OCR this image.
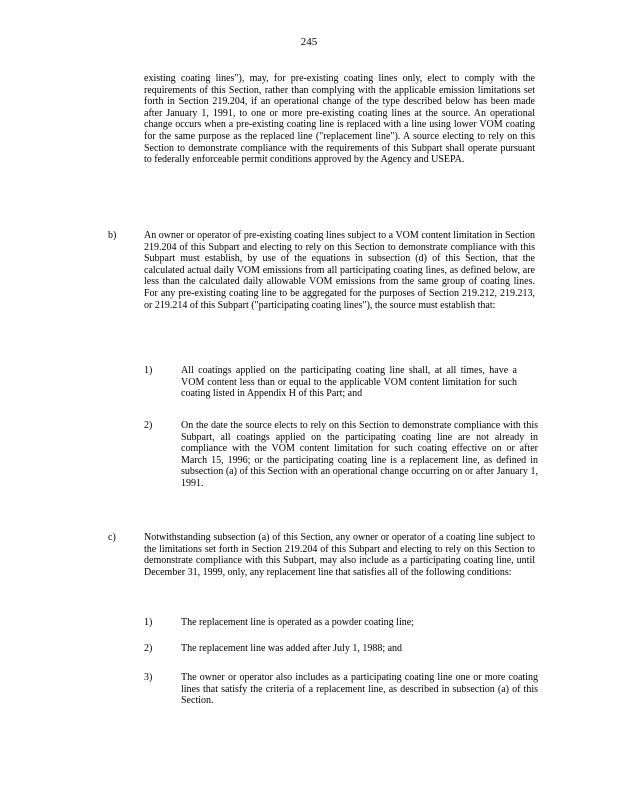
245

existing coating lines"), may, for pre-existing coating lines only, elect to comply with the requirements of this Section, rather than complying with the applicable emission limitations set forth in Section 219.204, if an operational change of the type described below has been made after January 1, 1991, to one or more pre-existing coating lines at the source. An operational change occurs when a pre-existing coating line is replaced with a line using lower VOM coating for the same purpose as the replaced line ("replacement line"). A source electing to rely on this Section to demonstrate compliance with the requirements of this Subpart shall operate pursuant to federally enforceable permit conditions approved by the Agency and USEPA.

b)	An owner or operator of pre-existing coating lines subject to a VOM content limitation in Section 219.204 of this Subpart and electing to rely on this Section to demonstrate compliance with this Subpart must establish, by use of the equations in subsection (d) of this Section, that the calculated actual daily VOM emissions from all participating coating lines, as defined below, are less than the calculated daily allowable VOM emissions from the same group of coating lines. For any pre-existing coating line to be aggregated for the purposes of Section 219.212, 219.213, or 219.214 of this Subpart ("participating coating lines"), the source must establish that:

1)	All coatings applied on the participating coating line shall, at all times, have a VOM content less than or equal to the applicable VOM content limitation for such coating listed in Appendix H of this Part; and

2)	On the date the source elects to rely on this Section to demonstrate compliance with this Subpart, all coatings applied on the participating coating line are not already in compliance with the VOM content limitation for such coating effective on or after March 15, 1996; or the participating coating line is a replacement line, as defined in subsection (a) of this Section with an operational change occurring on or after January 1, 1991.

c)	Notwithstanding subsection (a) of this Section, any owner or operator of a coating line subject to the limitations set forth in Section 219.204 of this Subpart and electing to rely on this Section to demonstrate compliance with this Subpart, may also include as a participating coating line, until December 31, 1999, only, any replacement line that satisfies all of the following conditions:

1)	The replacement line is operated as a powder coating line;

2)	The replacement line was added after July 1, 1988; and

3)	The owner or operator also includes as a participating coating line one or more coating lines that satisfy the criteria of a replacement line, as described in subsection (a) of this Section.
